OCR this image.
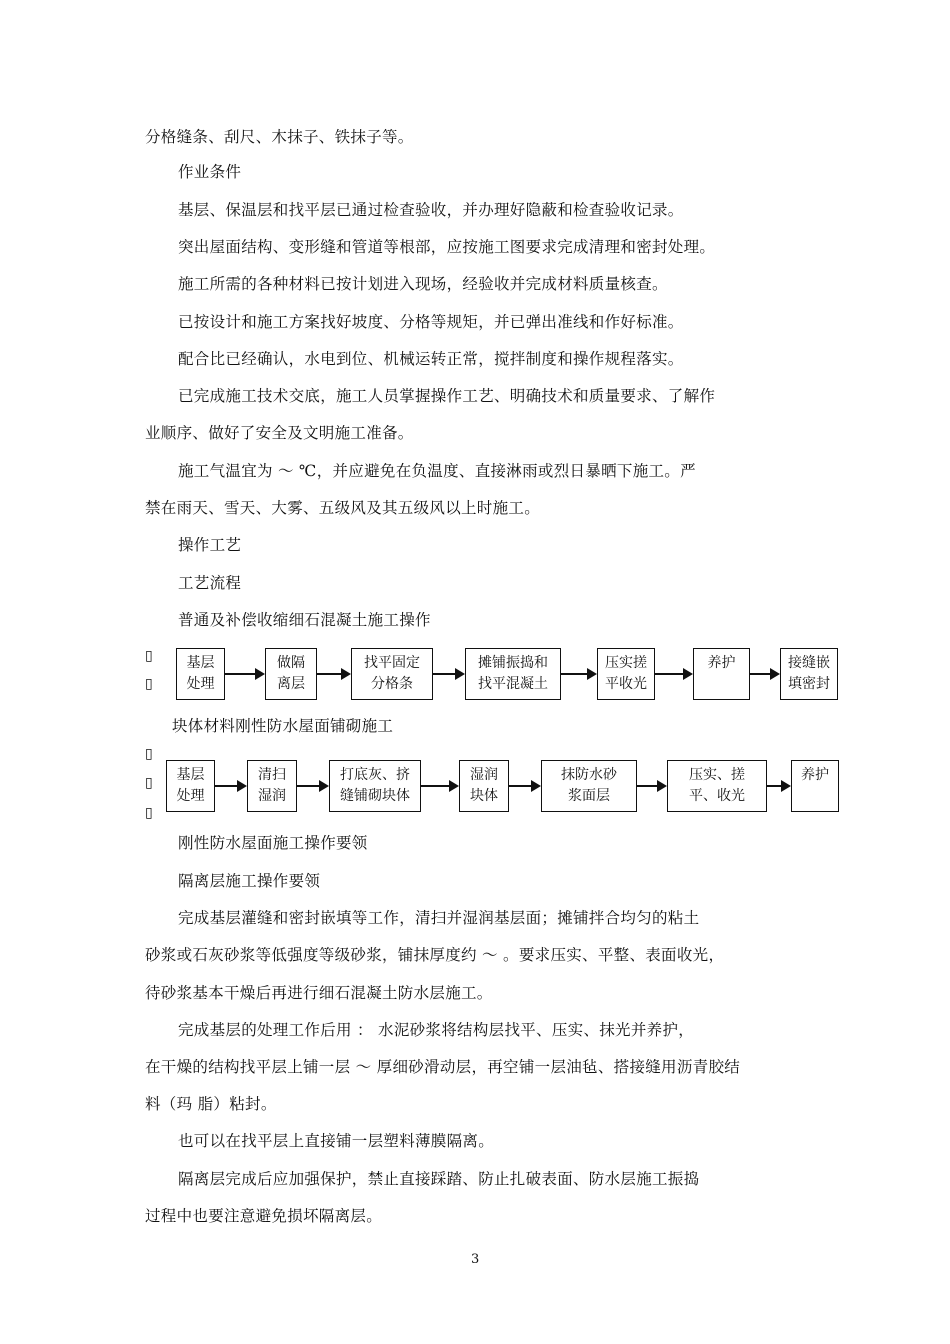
分格缝条、刮尺、木抹子、铁抹子等。
作业条件
基层、保温层和找平层已通过检查验收，并办理好隐蔽和检查验收记录。
突出屋面结构、变形缝和管道等根部，应按施工图要求完成清理和密封处理。
施工所需的各种材料已按计划进入现场，经验收并完成材料质量核查。
已按设计和施工方案找好坡度、分格等规矩，并已弹出准线和作好标准。
配合比已经确认，水电到位、机械运转正常，搅拌制度和操作规程落实。
已完成施工技术交底，施工人员掌握操作工艺、明确技术和质量要求、了解作
业顺序、做好了安全及文明施工准备。
施工气温宜为 ～ ℃，并应避免在负温度、直接淋雨或烈日暴晒下施工。严
禁在雨天、雪天、大雾、五级风及其五级风以上时施工。
操作工艺
工艺流程
普通及补偿收缩细石混凝土施工操作
▯
▯
基层
处理
做隔
离层
找平固定
分格条
摊铺振捣和
找平混凝土
压实搓
平收光
养护	接缝嵌
填密封
块体材料刚性防水屋面铺砌施工
▯
▯
▯
基层
处理
清扫
湿润
打底灰、挤
缝铺砌块体
湿润
块体
抹防水砂
浆面层
压实、搓
平、收光
养护
刚性防水屋面施工操作要领
隔离层施工操作要领
完成基层灌缝和密封嵌填等工作，清扫并湿润基层面；摊铺拌合均匀的粘土
砂浆或石灰砂浆等低强度等级砂浆，铺抹厚度约 ～ 。要求压实、平整、表面收光，
待砂浆基本干燥后再进行细石混凝土防水层施工。
完成基层的处理工作后用 ： 水泥砂浆将结构层找平、压实、抹光并养护，
在干燥的结构找平层上铺一层 ～ 厚细砂滑动层，再空铺一层油毡、搭接缝用沥青胶结
料（玛 脂）粘封。
也可以在找平层上直接铺一层塑料薄膜隔离。
隔离层完成后应加强保护，禁止直接踩踏、防止扎破表面、防水层施工振捣
过程中也要注意避免损坏隔离层。
3
